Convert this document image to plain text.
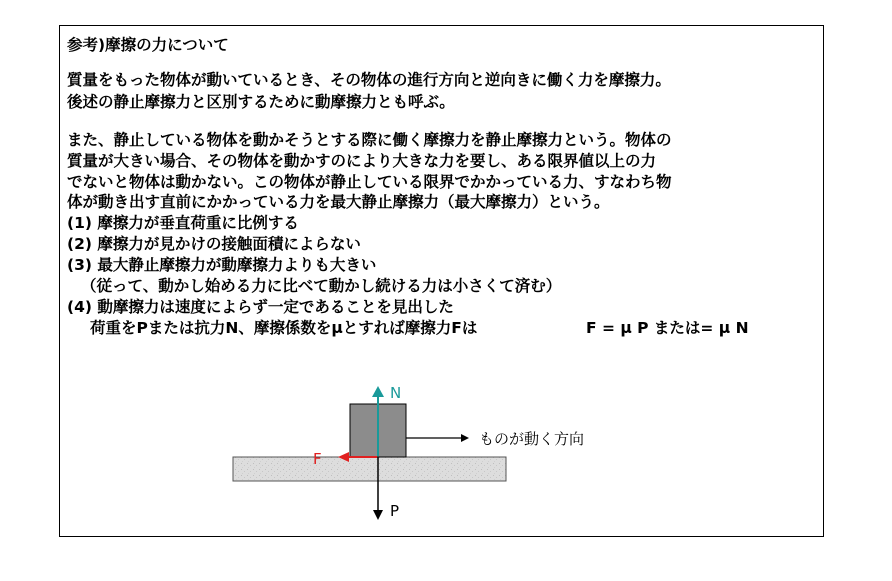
参考)摩擦の力について
質量をもった物体が動いているとき、その物体の進行方向と逆向きに働く力を摩擦力。
後述の静止摩擦力と区別するために動摩擦力とも呼ぶ。
また、静止している物体を動かそうとする際に働く摩擦力を静止摩擦力という。物体の
質量が大きい場合、その物体を動かすのにより大きな力を要し、ある限界値以上の力
でないと物体は動かない。この物体が静止している限界でかかっている力、すなわち物
体が動き出す直前にかかっている力を最大静止摩擦力（最大摩擦力）という。
(1) 摩擦力が垂直荷重に比例する
(2) 摩擦力が見かけの接触面積によらない
(3) 最大静止摩擦力が動摩擦力よりも大きい
（従って、動かし始める力に比べて動かし続ける力は小さくて済む）
(4) 動摩擦力は速度によらず一定であることを見出した
荷重をPまたは抗力N、摩擦係数をμとすれば摩擦力Fは	F = μ P または= μ N
N
F
P
ものが動く方向
